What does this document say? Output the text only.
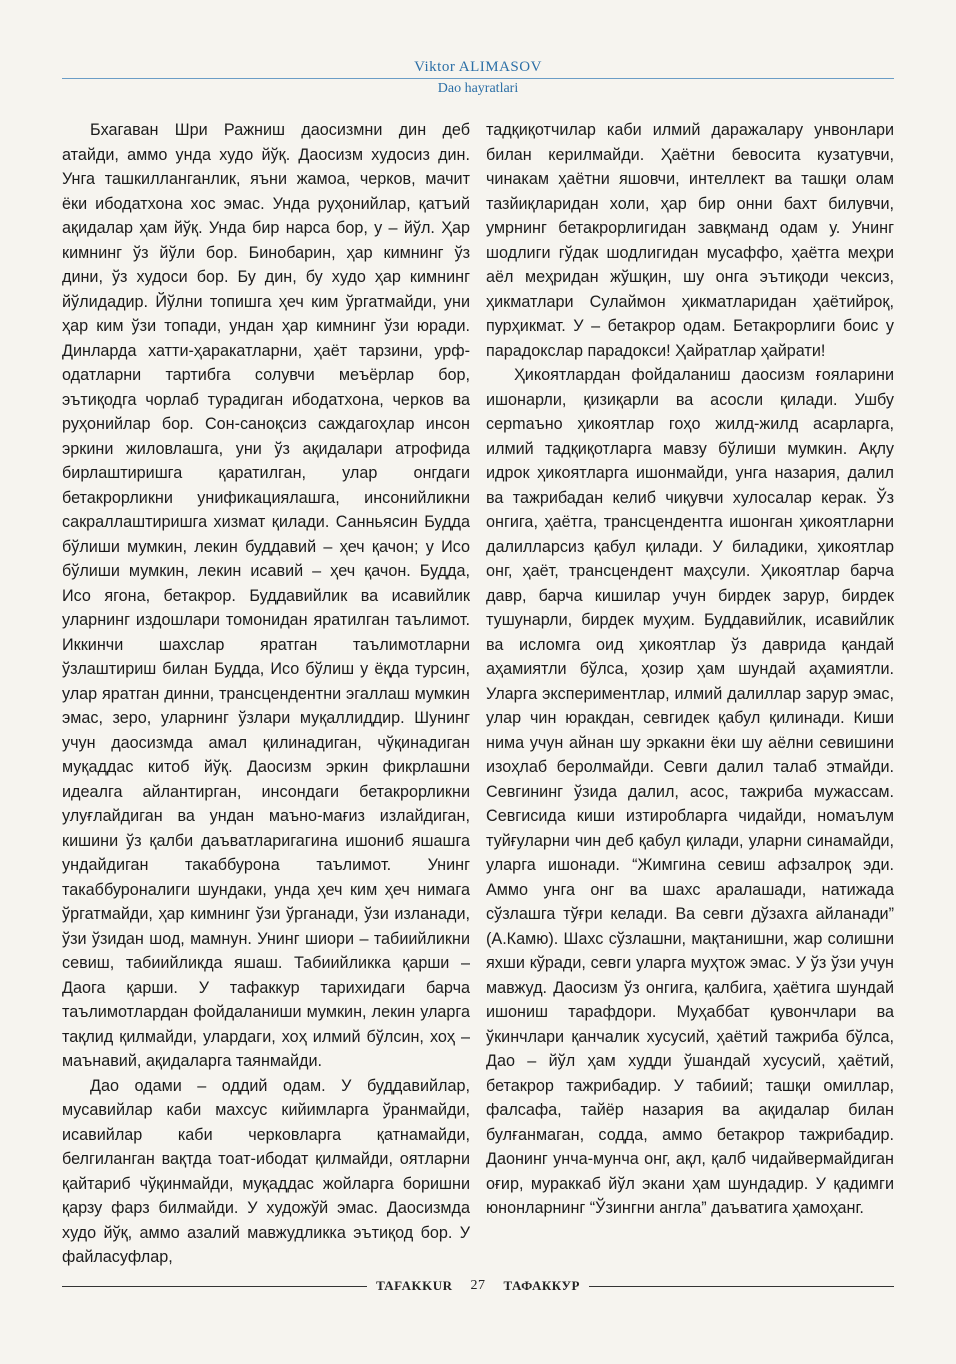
Viktor ALIMASOV
Dao hayratlari

Бхагаван Шри Ражниш даосизмни дин деб атайди, аммо унда худо йўқ. Даосизм худосиз дин. Унга ташкилланганлик, яъни жамоа, черков, мачит ёки ибодатхона хос эмас. Унда руҳонийлар, қатъий ақидалар ҳам йўқ. Унда бир нарса бор, у – йўл. Ҳар кимнинг ўз йўли бор. Бинобарин, ҳар кимнинг ўз дини, ўз худоси бор. Бу дин, бу худо ҳар кимнинг йўлидадир. Йўлни топишга ҳеч ким ўргатмайди, уни ҳар ким ўзи топади, ундан ҳар кимнинг ўзи юради. Динларда хатти-ҳаракатларни, ҳаёт тарзини, урф-одатларни тартибга солувчи меъёрлар бор, эътиқодга чорлаб турадиган ибодатхона, черков ва руҳонийлар бор. Сон-саноқсиз саждагоҳлар инсон эркини жиловлашга, уни ўз ақидалари атрофида бирлаштиришга қаратилган, улар онгдаги бетакрорликни унификациялашга, инсонийликни сакраллаштиришга хизмат қилади. Санньясин Будда бўлиши мумкин, лекин буддавий – ҳеч қачон; у Исо бўлиши мумкин, лекин исавий – ҳеч қачон. Будда, Исо ягона, бетакрор. Буддавийлик ва исавийлик уларнинг издошлари томонидан яратилган таълимот. Иккинчи шахслар яратган таълимотларни ўзлаштириш билан Будда, Исо бўлиш у ёқда турсин, улар яратган динни, трансцендентни эгаллаш мумкин эмас, зеро, уларнинг ўзлари муқаллиддир. Шунинг учун даосизмда амал қилинадиган, чўқинадиган муқаддас китоб йўқ. Даосизм эркин фикрлашни идеалга айлантирган, инсондаги бетакрорликни улуғлайдиган ва ундан маъно-мағиз излайдиган, кишини ўз қалби даъватларигагина ишониб яшашга ундайдиган такаббурона таълимот. Унинг такаббуроналиги шундаки, унда ҳеч ким ҳеч нимага ўргатмайди, ҳар кимнинг ўзи ўрганади, ўзи изланади, ўзи ўзидан шод, мамнун. Унинг шиори – табиийликни севиш, табиийликда яшаш. Табиийликка қарши – Даога қарши. У тафаккур тарихидаги барча таълимотлардан фойдаланиши мумкин, лекин уларга тақлид қилмайди, улардаги, хоҳ илмий бўлсин, хоҳ – маънавий, ақидаларга таянмайди.

Дао одами – оддий одам. У буддавийлар, мусавийлар каби махсус кийимларга ўранмайди, исавийлар каби черковларга қатнамайди, белгиланган вақтда тоат-ибодат қилмайди, оятларни қайтариб чўқинмайди, муқаддас жойларга боришни қарзу фарз билмайди. У художўй эмас. Даосизмда худо йўқ, аммо азалий мавжудликка эътиқод бор. У файласуфлар,

тадқиқотчилар каби илмий даражалару унвонлари билан керилмайди. Ҳаётни бевосита кузатувчи, чинакам ҳаётни яшовчи, интеллект ва ташқи олам тазйиқларидан холи, ҳар бир онни бахт билувчи, умрнинг бетакрорлигидан завқманд одам у. Унинг шодлиги гўдак шодлигидан мусаффо, ҳаётга меҳри аёл меҳридан жўшқин, шу онга эътиқоди чексиз, ҳикматлари Сулаймон ҳикматларидан ҳаётийроқ, пурҳикмат. У – бетакрор одам. Бетакрорлиги боис у парадокслар парадокси! Ҳайратлар ҳайрати!

Ҳикоятлардан фойдаланиш даосизм ғояларини ишонарли, қизиқарли ва асосли қилади. Ушбу серmaъно ҳикоятлар гоҳо жилд-жилд асарларга, илмий тадқиқотларга мавзу бўлиши мумкин. Ақлу идрок ҳикоятларга ишонмайди, унга назария, далил ва тажрибадан келиб чиқувчи хулосалар керак. Ўз онгига, ҳаётга, трансцендентга ишонган ҳикоятларни далилларсиз қабул қилади. У биладики, ҳикоятлар онг, ҳаёт, трансцендент маҳсули. Ҳикоятлар барча давр, барча кишилар учун бирдек зарур, бирдек тушунарли, бирдек муҳим. Буддавийлик, исавийлик ва исломга оид ҳикоятлар ўз даврида қандай аҳамиятли бўлса, ҳозир ҳам шундай аҳамиятли. Уларга экспериментлар, илмий далиллар зарур эмас, улар чин юракдан, севгидек қабул қилинади. Киши нима учун айнан шу эркакни ёки шу аёлни севишини изоҳлаб беролмайди. Севги далил талаб этмайди. Севгининг ўзида далил, асос, тажриба мужассам. Севгисида киши изтиробларга чидайди, номаълум туйғуларни чин деб қабул қилади, уларни синамайди, уларга ишонади. “Жимгина севиш афзалроқ эди. Аммо унга онг ва шахс аралашади, натижада сўзлашга тўғри келади. Ва севги дўзахга айланади” (А.Камю). Шахс сўзлашни, мақтанишни, жар солишни яхши кўради, севги уларга муҳтож эмас. У ўз ўзи учун мавжуд. Даосизм ўз онгига, қалбига, ҳаётига шундай ишониш тарафдори. Муҳаббат қувончлари ва ўкинчлари қанчалик хусусий, ҳаётий тажриба бўлса, Дао – йўл ҳам худди ўшандай хусусий, ҳаётий, бетакрор тажрибадир. У табиий; ташқи омиллар, фалсафа, тайёр назария ва ақидалар билан булғанмаган, содда, аммо бетакрор тажрибадир. Даонинг унча-мунча онг, ақл, қалб чидайвермайдиган оғир, мураккаб йўл экани ҳам шундадир. У қадимги юнонларнинг “Ўзингни англа” даъватига ҳамоҳанг.

TAFAKKUR	27	ТАФАККУР
